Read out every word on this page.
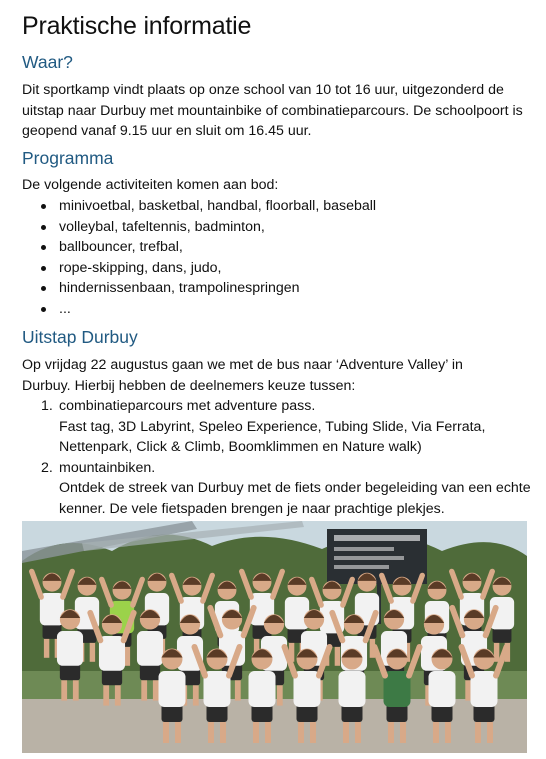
Praktische informatie
Waar?

Dit sportkamp vindt plaats op onze school van 10 tot 16 uur, uitgezonderd de uitstap naar Durbuy met mountainbike of combinatieparcours. De schoolpoort is geopend vanaf 9.15 uur en sluit om 16.45 uur.

Programma

De volgende activiteiten komen aan bod:

minivoetbal, basketbal, handbal, floorball, baseball
volleybal, tafeltennis, badminton,
ballbouncer, trefbal,
rope-skipping, dans, judo,
hindernissenbaan, trampolinespringen
...
Uitstap Durbuy

Op vrijdag 22 augustus gaan we met de bus naar ‘Adventure Valley’ in Durbuy. Hierbij hebben de deelnemers keuze tussen:

1. combinatieparcours met adventure pass.
Fast tag, 3D Labyrint, Speleo Experience, Tubing Slide, Via Ferrata, Nettenpark, Click & Climb, Boomklimmen en Nature walk)
2. mountainbiken.
Ontdek de streek van Durbuy met de fiets onder begeleiding van een echte kenner. De vele fietspaden brengen je naar prachtige plekjes.
